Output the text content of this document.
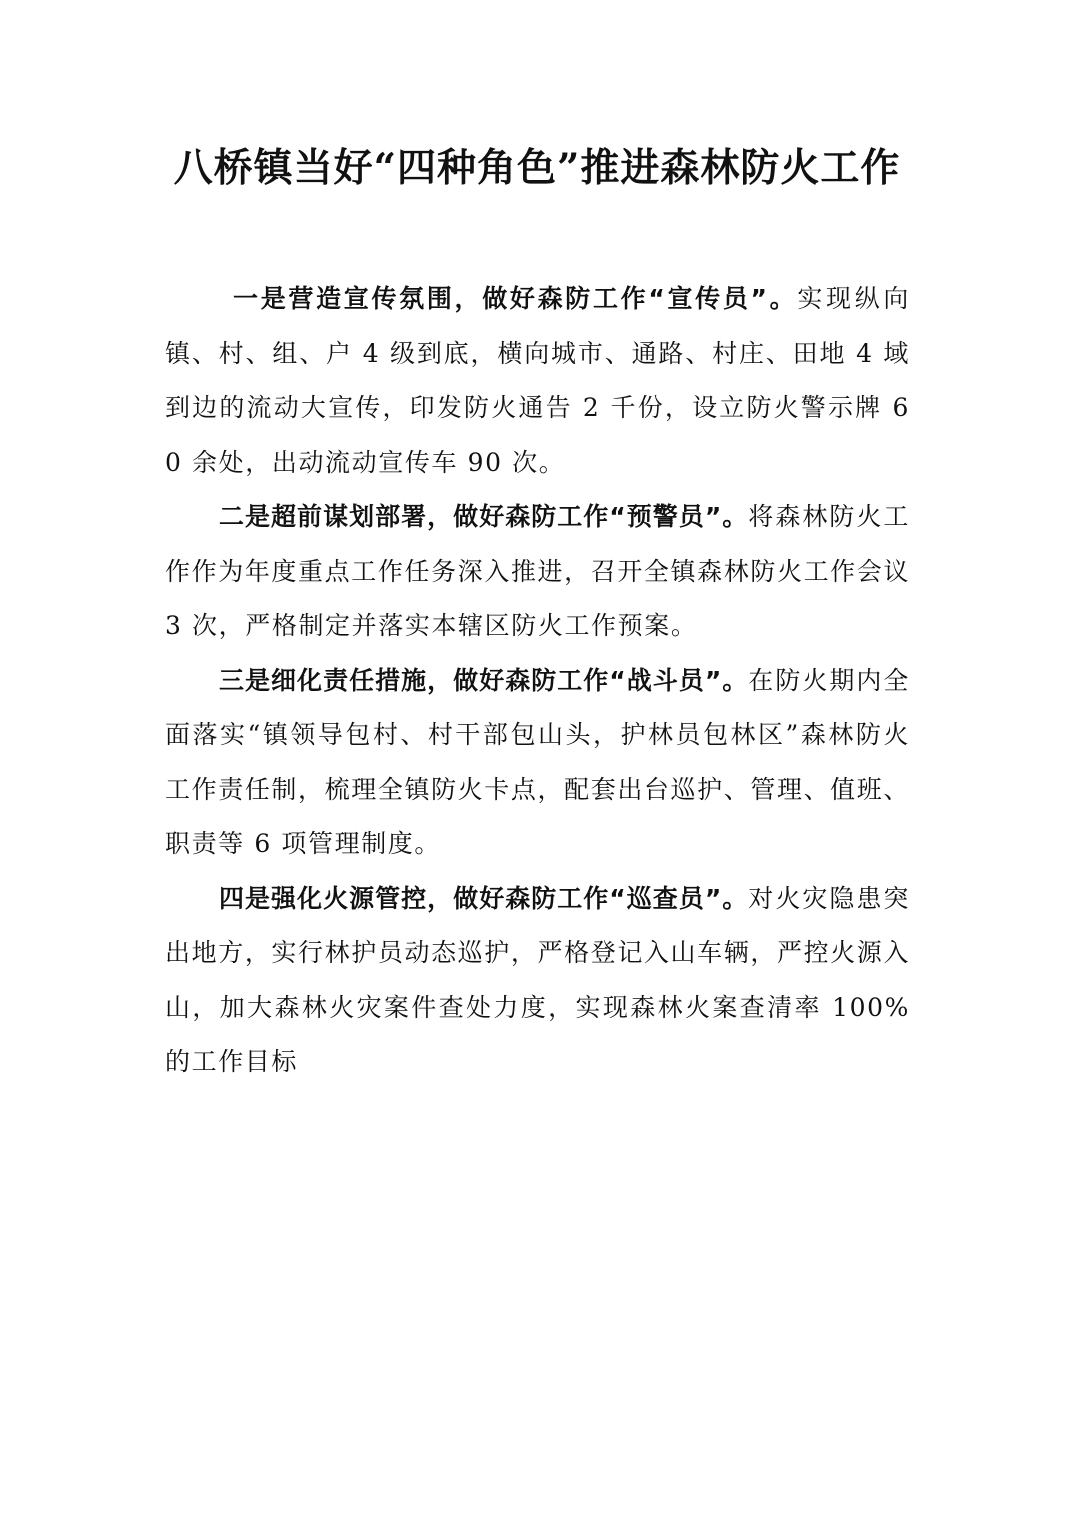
八桥镇当好“四种角色”推进森林防火工作

一是营造宣传氛围，做好森防工作“宣传员”。实现纵向镇、村、组、户 4 级到底，横向城市、通路、村庄、田地 4 域到边的流动大宣传，印发防火通告 2 千份，设立防火警示牌 60 余处，出动流动宣传车 90 次。

二是超前谋划部署，做好森防工作“预警员”。将森林防火工作作为年度重点工作任务深入推进，召开全镇森林防火工作会议 3 次，严格制定并落实本辖区防火工作预案。

三是细化责任措施，做好森防工作“战斗员”。在防火期内全面落实“镇领导包村、村干部包山头，护林员包林区”森林防火工作责任制，梳理全镇防火卡点，配套出台巡护、管理、值班、职责等 6 项管理制度。

四是强化火源管控，做好森防工作“巡查员”。对火灾隐患突出地方，实行林护员动态巡护，严格登记入山车辆，严控火源入山，加大森林火灾案件查处力度，实现森林火案查清率 100%的工作目标
